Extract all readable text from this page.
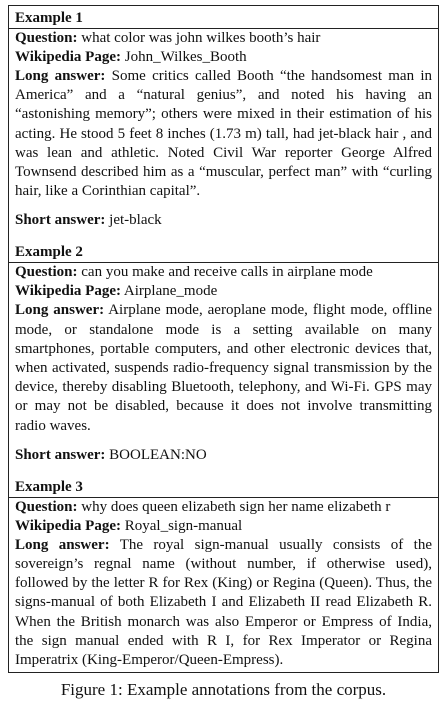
Example 1
Question: what color was john wilkes booth’s hair
Wikipedia Page: John_Wilkes_Booth

Long answer: Some critics called Booth “the handsomest man in America” and a “natural genius”, and noted his having an “astonishing memory”; others were mixed in their estimation of his acting. He stood 5 feet 8 inches (1.73 m) tall, had jet-black hair , and was lean and athletic. Noted Civil War reporter George Alfred Townsend described him as a “muscular, perfect man” with “curling hair, like a Corinthian capital”.

Short answer: jet-black
Example 2
Question: can you make and receive calls in airplane mode
Wikipedia Page: Airplane_mode

Long answer: Airplane mode, aeroplane mode, flight mode, offline mode, or standalone mode is a setting available on many smartphones, portable computers, and other electronic devices that, when activated, suspends radio-frequency signal transmission by the device, thereby disabling Bluetooth, telephony, and Wi-Fi. GPS may or may not be disabled, because it does not involve transmitting radio waves.

Short answer: BOOLEAN:NO
Example 3
Question: why does queen elizabeth sign her name elizabeth r
Wikipedia Page: Royal_sign-manual

Long answer: The royal sign-manual usually consists of the sovereign’s regnal name (without number, if otherwise used), followed by the letter R for Rex (King) or Regina (Queen). Thus, the signs-manual of both Elizabeth I and Elizabeth II read Elizabeth R. When the British monarch was also Emperor or Empress of India, the sign manual ended with R I, for Rex Imperator or Regina Imperatrix (King-Emperor/Queen-Empress).

Figure 1: Example annotations from the corpus.
